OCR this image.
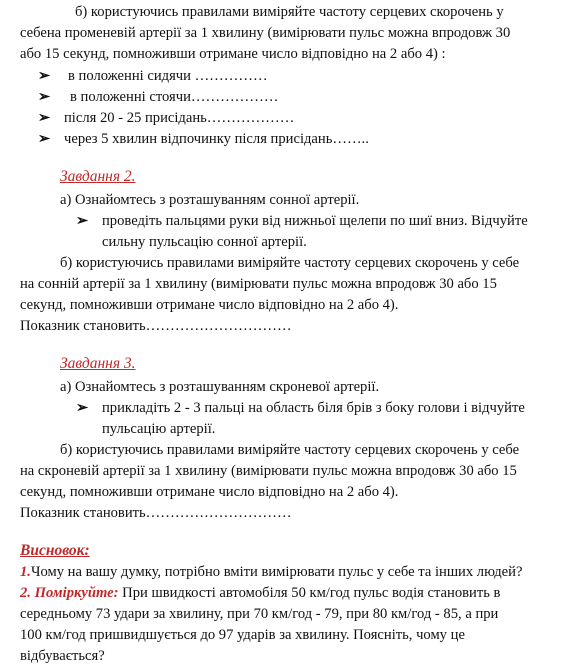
б) користуючись правилами виміряйте частоту серцевих скорочень у
себена променевій артерії за 1 хвилину (вимірювати пульс можна впродовж 30
або 15 секунд, помноживши отримане число відповідно на 2 або 4) :
➢ в положенні сидячи ……………
➢ в положенні стоячи………………
➢ після 20 - 25 присідань………………
➢ через 5 хвилин відпочинку після присідань……..
Завдання 2.
а) Ознайомтесь з розташуванням сонної артерії.
➢ проведіть пальцями руки від нижньої щелепи по шиї вниз. Відчуйте
сильну пульсацію сонної артерії.
б) користуючись правилами виміряйте частоту серцевих скорочень у себе
на сонній артерії за 1 хвилину (вимірювати пульс можна впродовж 30 або 15
секунд, помноживши отримане число відповідно на 2 або 4).
Показник становить…………………………
Завдання 3.
а) Ознайомтесь з розташуванням скроневої артерії.
➢ прикладіть 2 - 3 пальці на область біля брів з боку голови і відчуйте
пульсацію артерії.
б) користуючись правилами виміряйте частоту серцевих скорочень у себе
на скроневій артерії за 1 хвилину (вимірювати пульс можна впродовж 30 або 15
секунд, помноживши отримане число відповідно на 2 або 4).
Показник становить…………………………
Висновок:
1.Чому на вашу думку, потрібно вміти вимірювати пульс у себе та інших людей?
2. Поміркуйте: При швидкості автомобіля 50 км/год пульс водія становить в
середньому 73 удари за хвилину, при 70 км/год - 79, при 80 км/год - 85, а при
100 км/год пришвидшується до 97 ударів за хвилину. Поясніть, чому це
відбувається?
